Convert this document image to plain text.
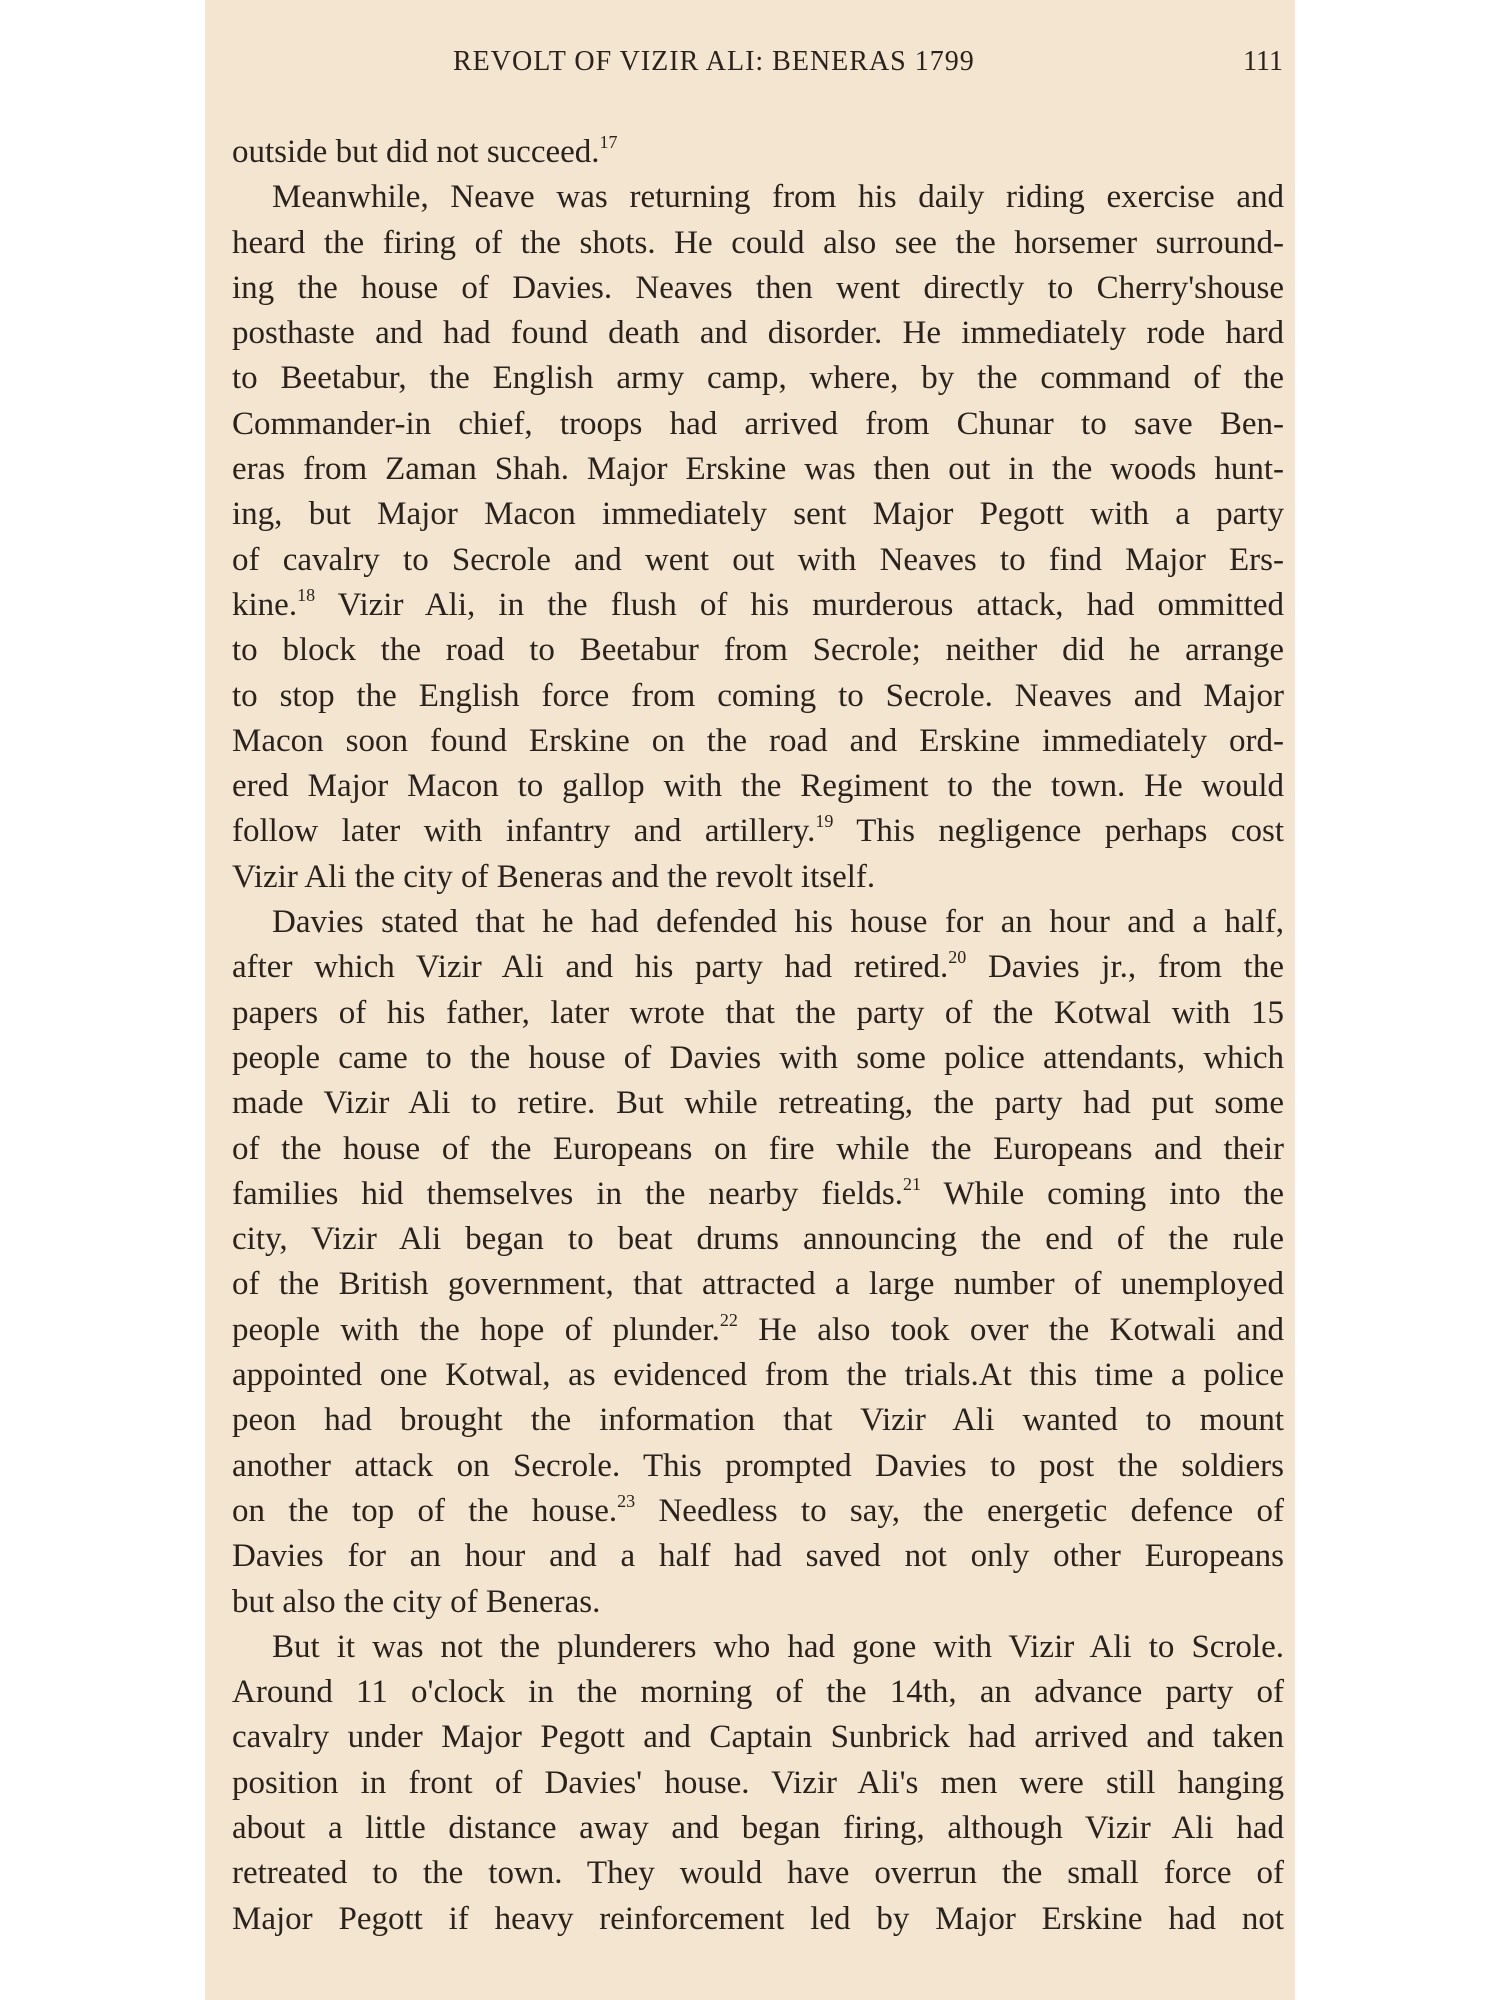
REVOLT OF VIZIR ALI: BENERAS 1799	111
outside but did not succeed.$^{17}$
Meanwhile, Neave was returning from his daily riding exercise and
heard the firing of the shots. He could also see the horsemer surround-
ing the house of Davies. Neaves then went directly to Cherry'shouse
posthaste and had found death and disorder. He immediately rode hard
to Beetabur, the English army camp, where, by the command of the
Commander-in chief, troops had arrived from Chunar to save Ben-
eras from Zaman Shah. Major Erskine was then out in the woods hunt-
ing, but Major Macon immediately sent Major Pegott with a party
of cavalry to Secrole and went out with Neaves to find Major Ers-
kine.$^{18}$ Vizir Ali, in the flush of his murderous attack, had ommitted
to block the road to Beetabur from Secrole; neither did he arrange
to stop the English force from coming to Secrole. Neaves and Major
Macon soon found Erskine on the road and Erskine immediately ord-
ered Major Macon to gallop with the Regiment to the town. He would
follow later with infantry and artillery.$^{19}$ This negligence perhaps cost
Vizir Ali the city of Beneras and the revolt itself.
Davies stated that he had defended his house for an hour and a half,
after which Vizir Ali and his party had retired.$^{20}$ Davies jr., from the
papers of his father, later wrote that the party of the Kotwal with 15
people came to the house of Davies with some police attendants, which
made Vizir Ali to retire. But while retreating, the party had put some
of the house of the Europeans on fire while the Europeans and their
families hid themselves in the nearby fields.$^{21}$ While coming into the
city, Vizir Ali began to beat drums announcing the end of the rule
of the British government, that attracted a large number of unemployed
people with the hope of plunder.$^{22}$ He also took over the Kotwali and
appointed one Kotwal, as evidenced from the trials.At this time a police
peon had brought the information that Vizir Ali wanted to mount
another attack on Secrole. This prompted Davies to post the soldiers
on the top of the house.$^{23}$ Needless to say, the energetic defence of
Davies for an hour and a half had saved not only other Europeans
but also the city of Beneras.
But it was not the plunderers who had gone with Vizir Ali to Scrole.
Around 11 o'clock in the morning of the 14th, an advance party of
cavalry under Major Pegott and Captain Sunbrick had arrived and taken
position in front of Davies' house. Vizir Ali's men were still hanging
about a little distance away and began firing, although Vizir Ali had
retreated to the town. They would have overrun the small force of
Major Pegott if heavy reinforcement led by Major Erskine had not
